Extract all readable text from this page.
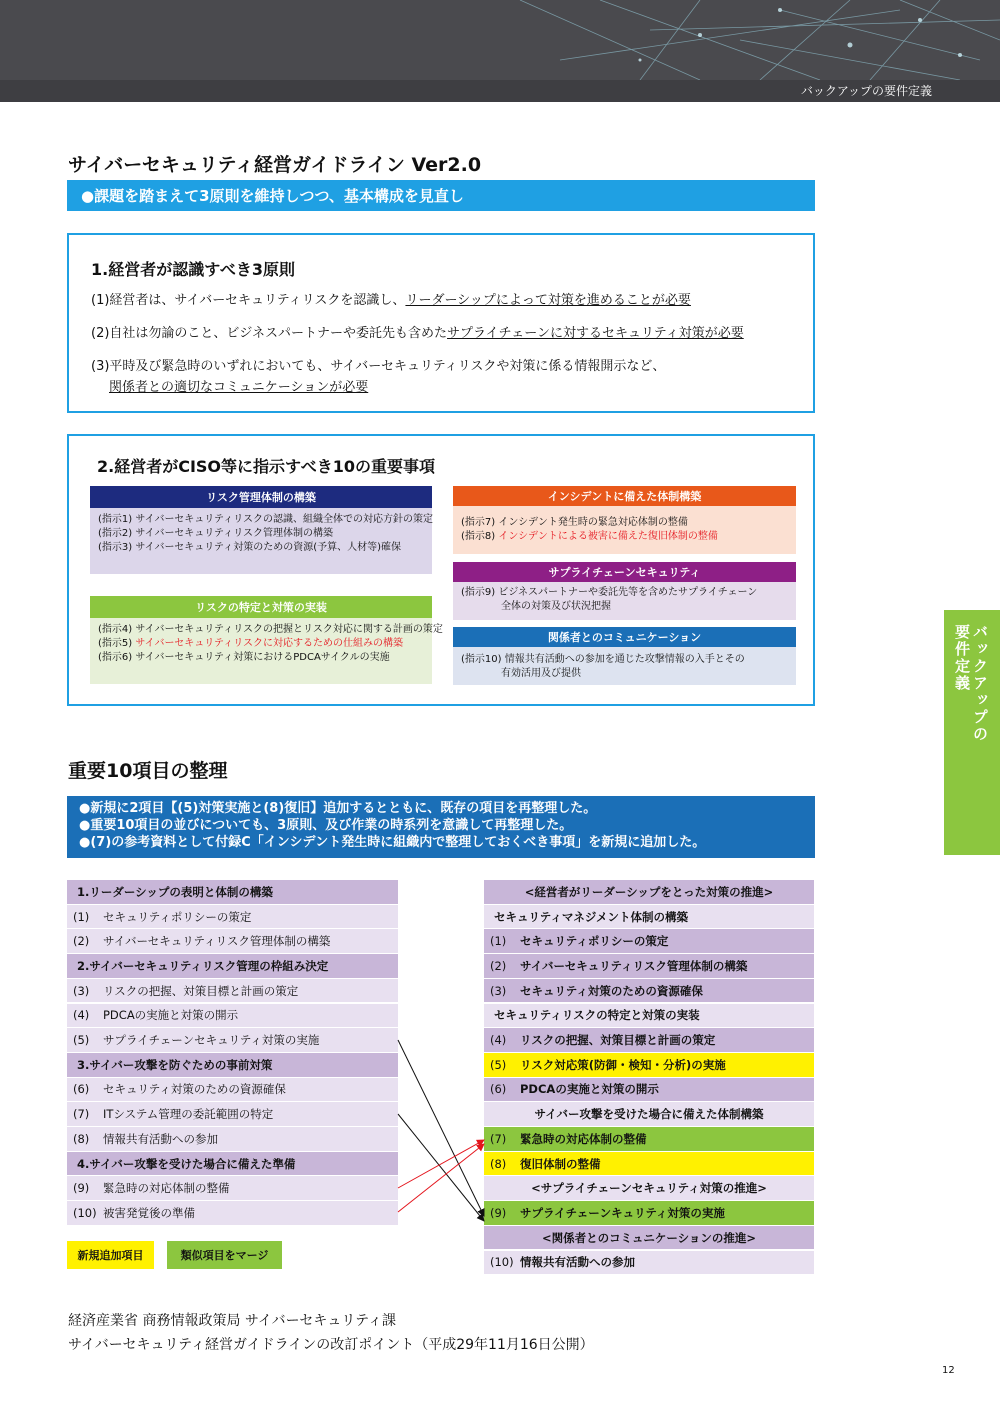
バックアップの要件定義
バックアップの
要件定義
サイバーセキュリティ経営ガイドライン Ver2.0
●課題を踏まえて3原則を維持しつつ、基本構成を見直し
1.経営者が認識すべき3原則
(1)経営者は、サイバーセキュリティリスクを認識し、リーダーシップによって対策を進めることが必要
(2)自社は勿論のこと、ビジネスパートナーや委託先も含めたサプライチェーンに対するセキュリティ対策が必要
(3)平時及び緊急時のいずれにおいても、サイバーセキュリティリスクや対策に係る情報開示など、
関係者との適切なコミュニケーションが必要
2.経営者がCISO等に指示すべき10の重要事項
リスク管理体制の構築
(指示1) サイバーセキュリティリスクの認識、組織全体での対応方針の策定
(指示2) サイバーセキュリティリスク管理体制の構築
(指示3) サイバーセキュリティ対策のための資源(予算、人材等)確保
リスクの特定と対策の実装
(指示4) サイバーセキュリティリスクの把握とリスク対応に関する計画の策定
(指示5) サイバーセキュリティリスクに対応するための仕組みの構築
(指示6) サイバーセキュリティ対策におけるPDCAサイクルの実施
インシデントに備えた体制構築
(指示7) インシデント発生時の緊急対応体制の整備
(指示8) インシデントによる被害に備えた復旧体制の整備
サプライチェーンセキュリティ
(指示9) ビジネスパートナーや委託先等を含めたサプライチェーン
全体の対策及び状況把握
関係者とのコミュニケーション
(指示10) 情報共有活動への参加を通じた攻撃情報の入手とその
有効活用及び提供
重要10項目の整理
●新規に2項目【(5)対策実施と(8)復旧】追加するとともに、既存の項目を再整理した。
●重要10項目の並びについても、3原則、及び作業の時系列を意識して再整理した。
●(7)の参考資料として付録C「インシデント発生時に組織内で整理しておくべき事項」を新規に追加した。
1.リーダーシップの表明と体制の構築
(1)	セキュリティポリシーの策定
(2)	サイバーセキュリティリスク管理体制の構築
2.サイバーセキュリティリスク管理の枠組み決定
(3)	リスクの把握、対策目標と計画の策定
(4)	PDCAの実施と対策の開示
(5)	サプライチェーンセキュリティ対策の実施
3.サイバー攻撃を防ぐための事前対策
(6)	セキュリティ対策のための資源確保
(7)	ITシステム管理の委託範囲の特定
(8)	情報共有活動への参加
4.サイバー攻撃を受けた場合に備えた準備
(9)	緊急時の対応体制の整備
(10) 被害発覚後の準備
<経営者がリーダーシップをとった対策の推進>
セキュリティマネジメント体制の構築
(1)	セキュリティポリシーの策定
(2)	サイバーセキュリティリスク管理体制の構築
(3)	セキュリティ対策のための資源確保
セキュリティリスクの特定と対策の実装
(4)	リスクの把握、対策目標と計画の策定
(5)	リスク対応策(防御・検知・分析)の実施
(6)	PDCAの実施と対策の開示
サイバー攻撃を受けた場合に備えた体制構築
(7)	緊急時の対応体制の整備
(8)	復旧体制の整備
<サプライチェーンセキュリティ対策の推進>
(9)	サプライチェーンキュリティ対策の実施
<関係者とのコミュニケーションの推進>
(10) 情報共有活動への参加
新規追加項目	類似項目をマージ
経済産業省 商務情報政策局 サイバーセキュリティ課
サイバーセキュリティ経営ガイドラインの改訂ポイント（平成29年11月16日公開）
12
